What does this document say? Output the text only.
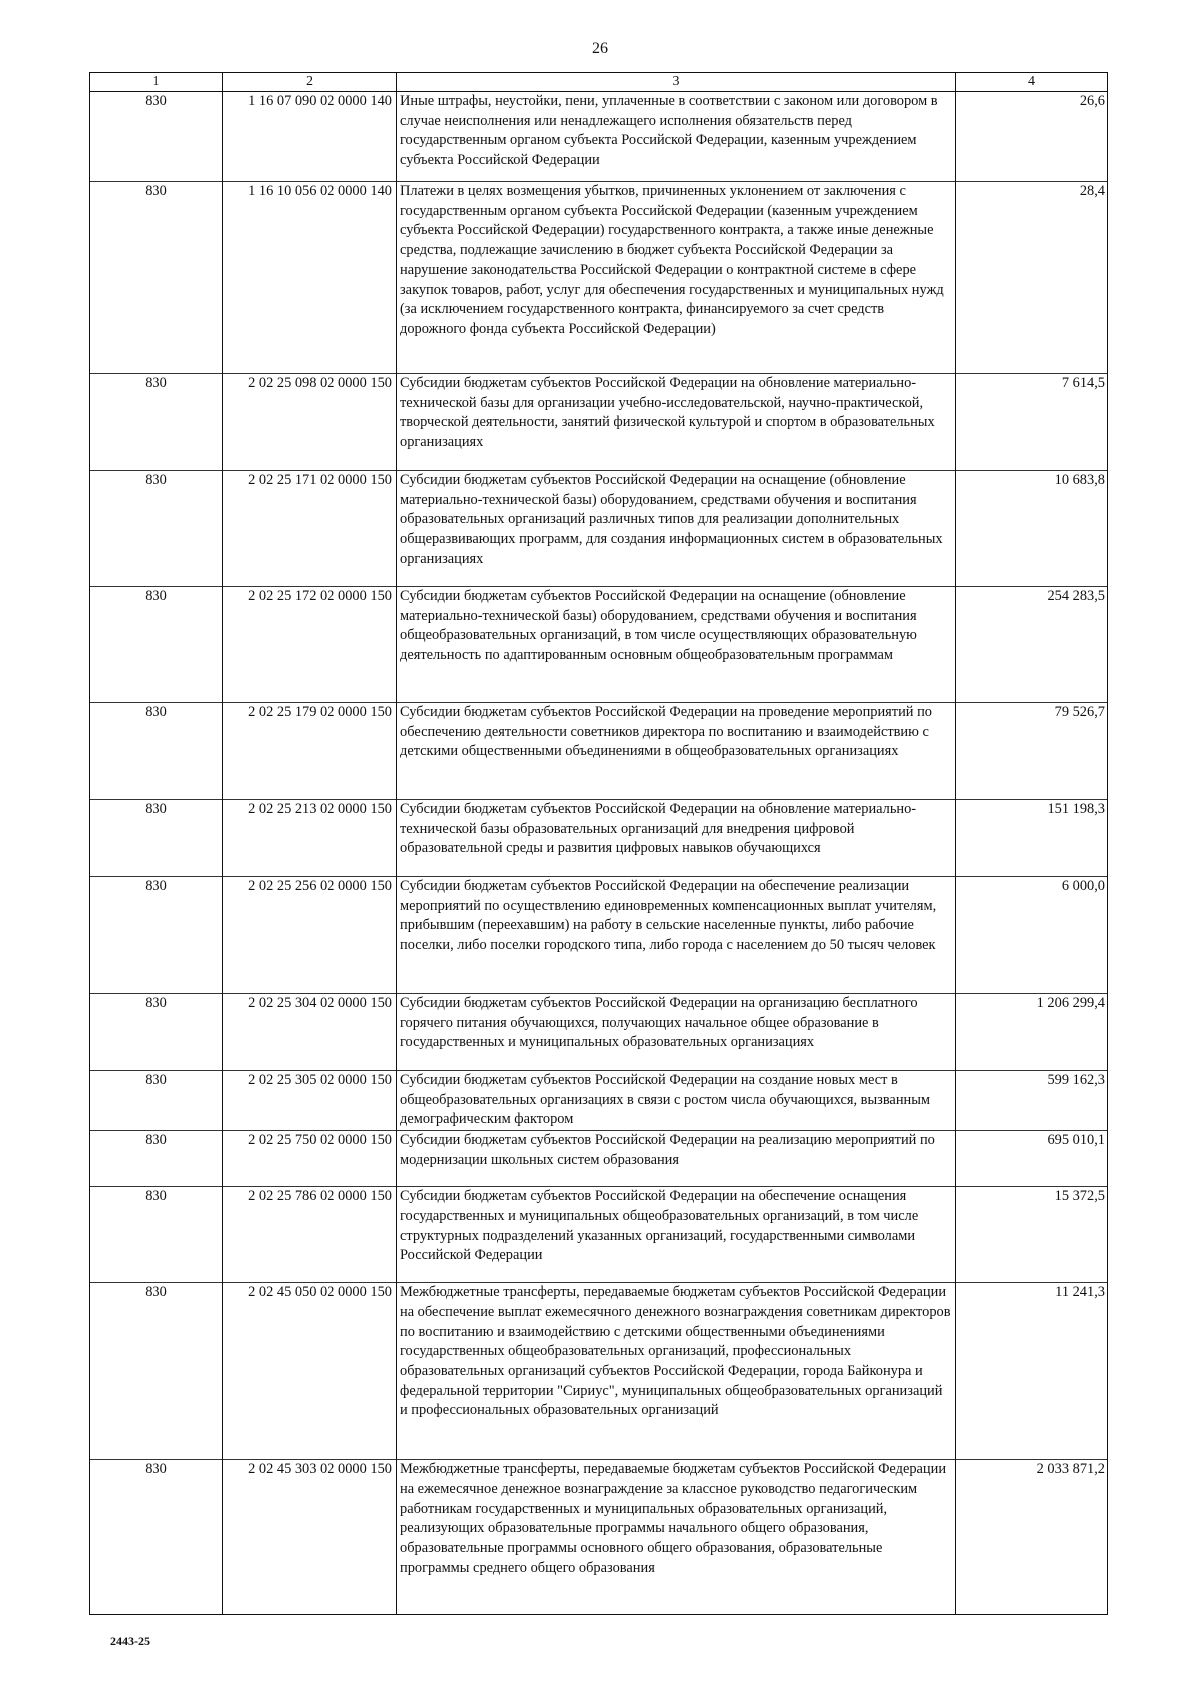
26
1	2	3	4
830	1 16 07 090 02 0000 140	Иные штрафы, неустойки, пени, уплаченные в соответствии с законом или договором в случае неисполнения или ненадлежащего исполнения обязательств перед государственным органом субъекта Российской Федерации, казенным учреждением субъекта Российской Федерации	26,6
830	1 16 10 056 02 0000 140	Платежи в целях возмещения убытков, причиненных уклонением от заключения с государственным органом субъекта Российской Федерации (казенным учреждением субъекта Российской Федерации) государственного контракта, а также иные денежные средства, подлежащие зачислению в бюджет субъекта Российской Федерации за нарушение законодательства Российской Федерации о контрактной системе в сфере закупок товаров, работ, услуг для обеспечения государственных и муниципальных нужд (за исключением государственного контракта, финансируемого за счет средств дорожного фонда субъекта Российской Федерации)	28,4
830	2 02 25 098 02 0000 150	Субсидии бюджетам субъектов Российской Федерации на обновление материально-технической базы для организации учебно-исследовательской, научно-практической, творческой деятельности, занятий физической культурой и спортом в образовательных организациях	7 614,5
830	2 02 25 171 02 0000 150	Субсидии бюджетам субъектов Российской Федерации на оснащение (обновление материально-технической базы) оборудованием, средствами обучения и воспитания образовательных организаций различных типов для реализации дополнительных общеразвивающих программ, для создания информационных систем в образовательных организациях	10 683,8
830	2 02 25 172 02 0000 150	Субсидии бюджетам субъектов Российской Федерации на оснащение (обновление материально-технической базы) оборудованием, средствами обучения и воспитания общеобразовательных организаций, в том числе осуществляющих образовательную деятельность по адаптированным основным общеобразовательным программам	254 283,5
830	2 02 25 179 02 0000 150	Субсидии бюджетам субъектов Российской Федерации на проведение мероприятий по обеспечению деятельности советников директора по воспитанию и взаимодействию с детскими общественными объединениями в общеобразовательных организациях	79 526,7
830	2 02 25 213 02 0000 150	Субсидии бюджетам субъектов Российской Федерации на обновление материально-технической базы образовательных организаций для внедрения цифровой образовательной среды и развития цифровых навыков обучающихся	151 198,3
830	2 02 25 256 02 0000 150	Субсидии бюджетам субъектов Российской Федерации на обеспечение реализации мероприятий по осуществлению единовременных компенсационных выплат учителям, прибывшим (переехавшим) на работу в сельские населенные пункты, либо рабочие поселки, либо поселки городского типа, либо города с населением до 50 тысяч человек	6 000,0
830	2 02 25 304 02 0000 150	Субсидии бюджетам субъектов Российской Федерации на организацию бесплатного горячего питания обучающихся, получающих начальное общее образование в государственных и муниципальных образовательных организациях	1 206 299,4
830	2 02 25 305 02 0000 150	Субсидии бюджетам субъектов Российской Федерации на создание новых мест в общеобразовательных организациях в связи с ростом числа обучающихся, вызванным демографическим фактором	599 162,3
830	2 02 25 750 02 0000 150	Субсидии бюджетам субъектов Российской Федерации на реализацию мероприятий по модернизации школьных систем образования	695 010,1
830	2 02 25 786 02 0000 150	Субсидии бюджетам субъектов Российской Федерации на обеспечение оснащения государственных и муниципальных общеобразовательных организаций, в том числе структурных подразделений указанных организаций, государственными символами Российской Федерации	15 372,5
830	2 02 45 050 02 0000 150	Межбюджетные трансферты, передаваемые бюджетам субъектов Российской Федерации на обеспечение выплат ежемесячного денежного вознаграждения советникам директоров по воспитанию и взаимодействию с детскими общественными объединениями государственных общеобразовательных организаций, профессиональных образовательных организаций субъектов Российской Федерации, города Байконура и федеральной территории "Сириус", муниципальных общеобразовательных организаций и профессиональных образовательных организаций	11 241,3
830	2 02 45 303 02 0000 150	Межбюджетные трансферты, передаваемые бюджетам субъектов Российской Федерации на ежемесячное денежное вознаграждение за классное руководство педагогическим работникам государственных и муниципальных образовательных организаций, реализующих образовательные программы начального общего образования, образовательные программы основного общего образования, образовательные программы среднего общего образования	2 033 871,2
2443-25
